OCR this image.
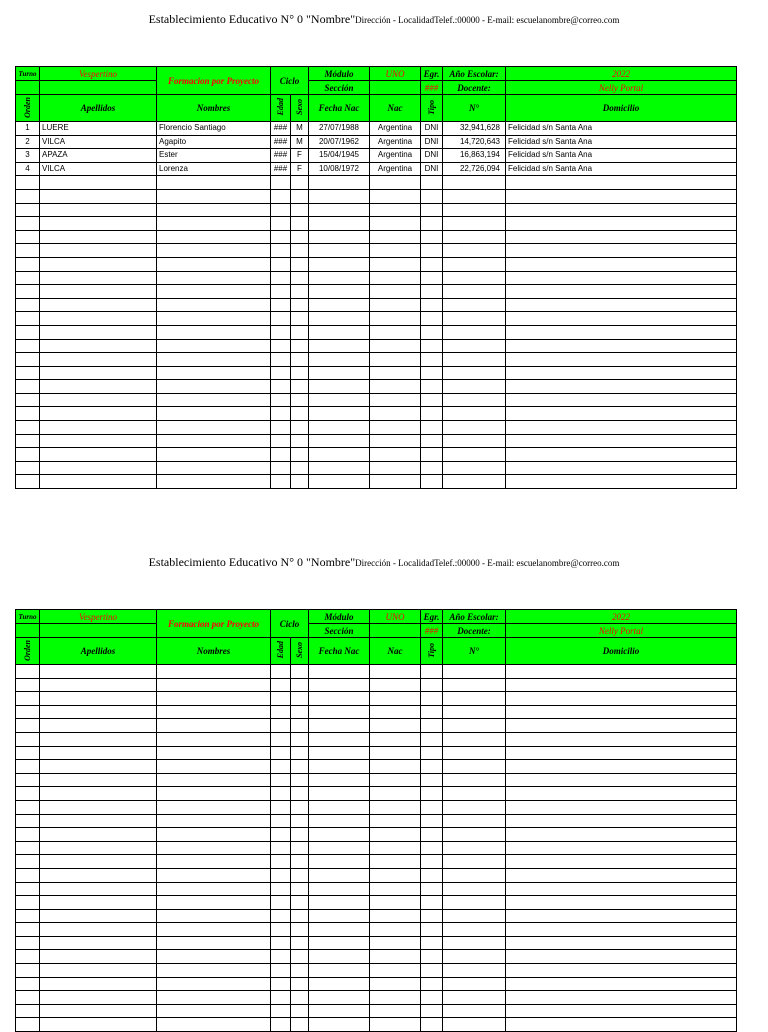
Establecimiento Educativo N° 0 "Nombre"Dirección - LocalidadTelef.:00000 - E-mail: escuelanombre@correo.com
Turno	Vespertino	Formacion por Proyecto	Ciclo		Módulo	UNO	Egr.	Año Escolar:	2022
					Sección		###	Docente:	Nelly Portal
Orden	Apellidos	Nombres	Edad	Sexo	Fecha Nac	Nac	Tipo	N°	Domicilio
1	LUERE	Florencio Santiago	###	M	27/07/1988	Argentina	DNI	32,941,628	Felicidad s/n Santa Ana
2	VILCA	Agapito	###	M	20/07/1962	Argentina	DNI	14,720,643	Felicidad s/n Santa Ana
3	APAZA	Ester	###	F	15/04/1945	Argentina	DNI	16,863,194	Felicidad s/n Santa Ana
4	VILCA	Lorenza	###	F	10/08/1972	Argentina	DNI	22,726,094	Felicidad s/n Santa Ana

Establecimiento Educativo N° 0 "Nombre"Dirección - LocalidadTelef.:00000 - E-mail: escuelanombre@correo.com
Turno	Vespertino	Formacion por Proyecto	Ciclo		Módulo	UNO	Egr.	Año Escolar:	2022
					Sección		###	Docente:	Nelly Portal
Orden	Apellidos	Nombres	Edad	Sexo	Fecha Nac	Nac	Tipo	N°	Domicilio
